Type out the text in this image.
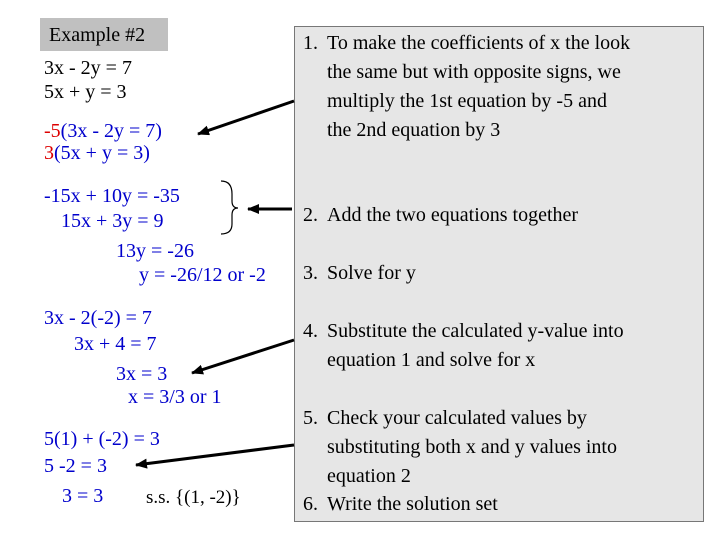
Example #2
3x - 2y = 7
5x + y = 3
-5(3x - 2y = 7)
3(5x + y = 3)
-15x + 10y = -35
15x + 3y = 9
13y = -26
y = -26/12 or -2
3x - 2(-2) = 7
3x + 4 = 7
3x = 3
x = 3/3 or 1
5(1) + (-2) = 3
5 -2 = 3
3 = 3 s.s. {(1, -2)}
1. To make the coefficients of x the look
the same but with opposite signs, we
multiply the 1st equation by -5 and
the 2nd equation by 3
2. Add the two equations together
3. Solve for y
4. Substitute the calculated y-value into
equation 1 and solve for x
5. Check your calculated values by
substituting both x and y values into
equation 2
6. Write the solution set
